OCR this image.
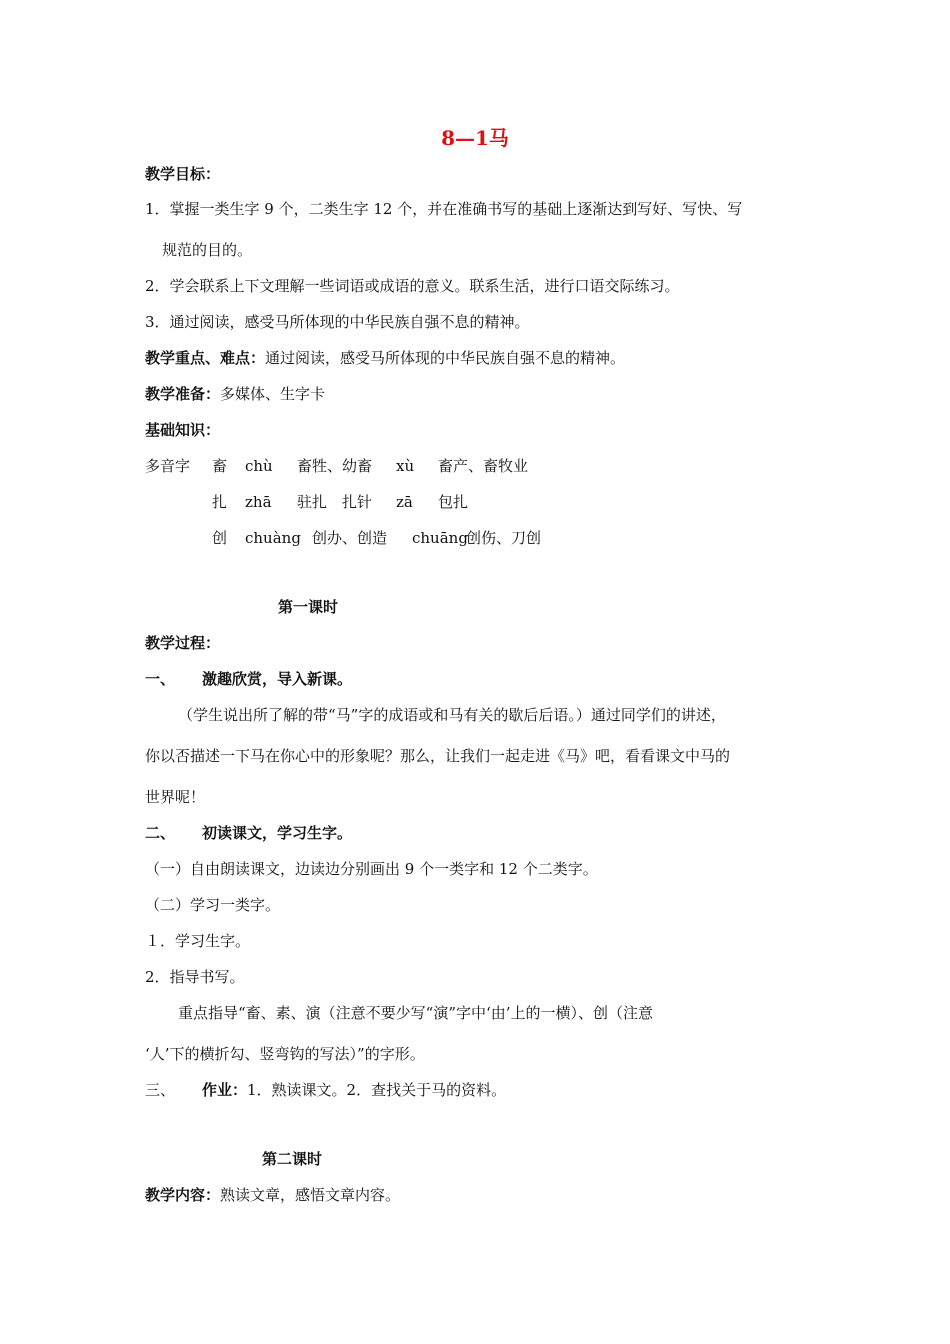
8—1马
教学目标：
1．掌握一类生字 9 个，二类生字 12 个，并在准确书写的基础上逐渐达到写好、写快、写
规范的目的。
2．学会联系上下文理解一些词语或成语的意义。联系生活，进行口语交际练习。
3．通过阅读，感受马所体现的中华民族自强不息的精神。
教学重点、难点：通过阅读，感受马所体现的中华民族自强不息的精神。
教学准备：多媒体、生字卡
基础知识：
多音字 畜 chù 畜牲、幼畜 xù 畜产、畜牧业
扎 zhā 驻扎　扎针 zā 包扎
创 chuàng 创办、创造 chuāng
创伤、刀创
第一课时
教学过程：
一、 激趣欣赏，导入新课。
（学生说出所了解的带“马”字的成语或和马有关的歇后后语。）通过同学们的讲述，
你以否描述一下马在你心中的形象呢？那么，让我们一起走进《马》吧，看看课文中马的
世界呢！
二、 初读课文，学习生字。
（一）自由朗读课文，边读边分别画出 9 个一类字和 12 个二类字。
（二）学习一类字。
１．学习生字。
2．指导书写。
重点指导“畜、素、演（注意不要少写“演”字中‘由’上的一横）、创（注意
‘人’下的横折勾、竖弯钩的写法）”的字形。
三、 作业：1．熟读课文。2．查找关于马的资料。
第二课时
教学内容：熟读文章，感悟文章内容。
